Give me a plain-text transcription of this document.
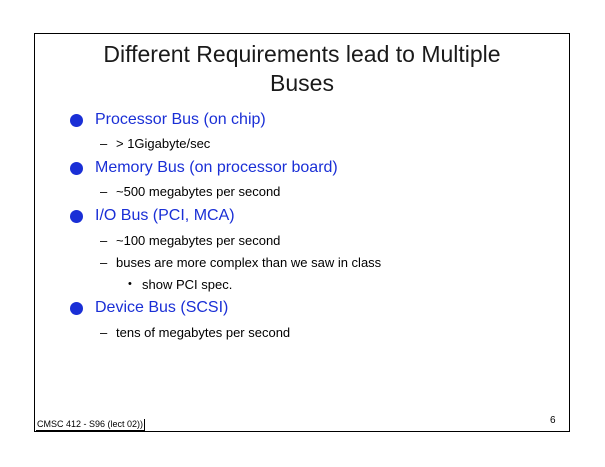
Different Requirements lead to Multiple
Buses
Processor Bus (on chip)
– > 1Gigabyte/sec
Memory Bus (on processor board)
– ~500 megabytes per second
I/O Bus (PCI, MCA)
– ~100 megabytes per second
– buses are more complex than we saw in class
• show PCI spec.
Device Bus (SCSI)
– tens of megabytes per second
CMSC 412 - S96 (lect 02))	6
